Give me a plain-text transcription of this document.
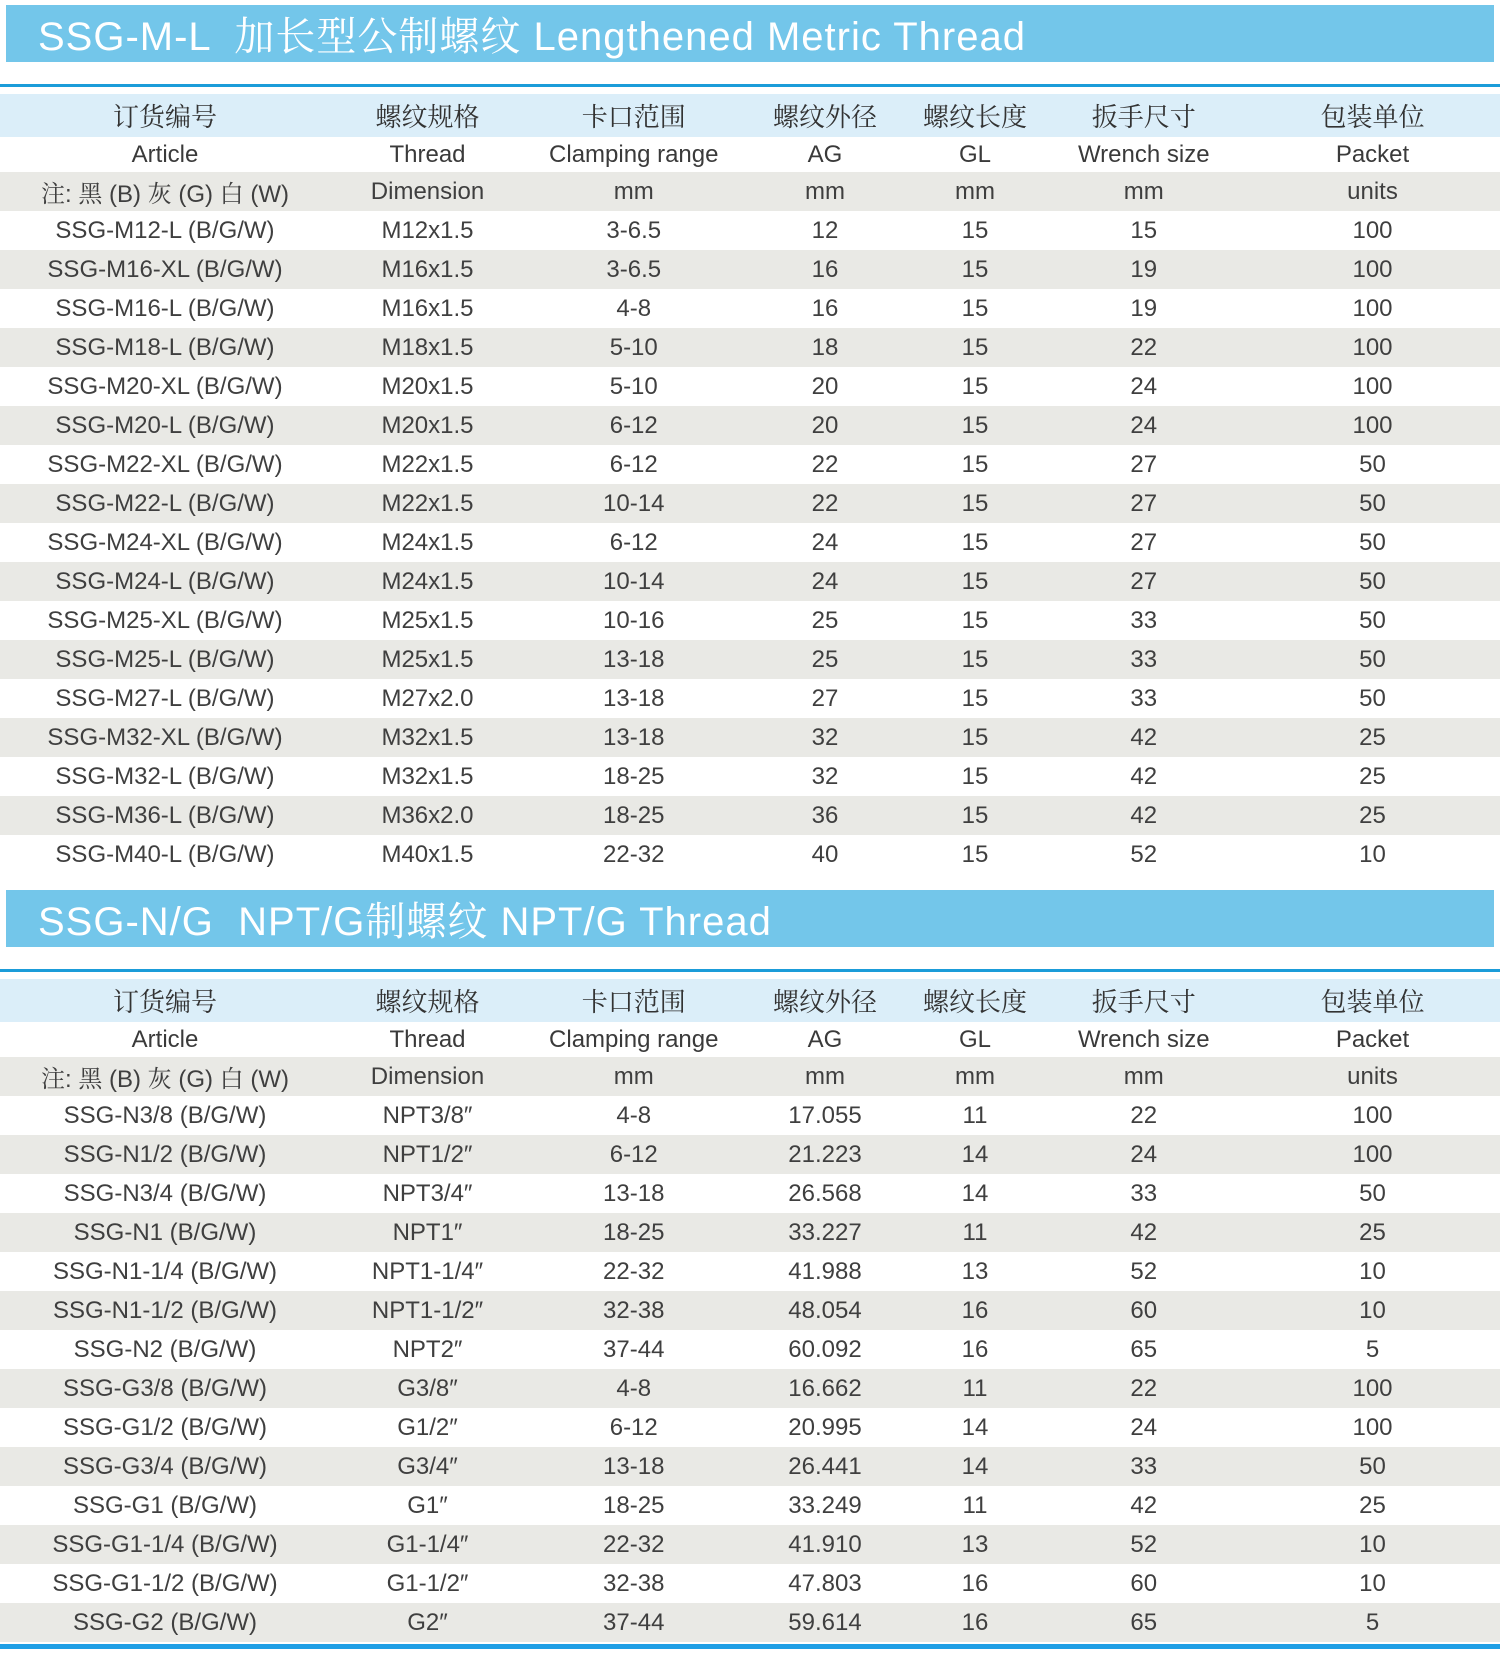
SSG-M-L  加长型公制螺纹 Lengthened Metric Thread
订货编号	螺纹规格	卡口范围	螺纹外径	螺纹长度	扳手尺寸	包装单位
Article	Thread	Clamping range	AG	GL	Wrench size	Packet
注: 黑 (B) 灰 (G) 白 (W)	Dimension	mm	mm	mm	mm	units
SSG-M12-L (B/G/W)	M12x1.5	3-6.5	12	15	15	100
SSG-M16-XL (B/G/W)	M16x1.5	3-6.5	16	15	19	100
SSG-M16-L (B/G/W)	M16x1.5	4-8	16	15	19	100
SSG-M18-L (B/G/W)	M18x1.5	5-10	18	15	22	100
SSG-M20-XL (B/G/W)	M20x1.5	5-10	20	15	24	100
SSG-M20-L (B/G/W)	M20x1.5	6-12	20	15	24	100
SSG-M22-XL (B/G/W)	M22x1.5	6-12	22	15	27	50
SSG-M22-L (B/G/W)	M22x1.5	10-14	22	15	27	50
SSG-M24-XL (B/G/W)	M24x1.5	6-12	24	15	27	50
SSG-M24-L (B/G/W)	M24x1.5	10-14	24	15	27	50
SSG-M25-XL (B/G/W)	M25x1.5	10-16	25	15	33	50
SSG-M25-L (B/G/W)	M25x1.5	13-18	25	15	33	50
SSG-M27-L (B/G/W)	M27x2.0	13-18	27	15	33	50
SSG-M32-XL (B/G/W)	M32x1.5	13-18	32	15	42	25
SSG-M32-L (B/G/W)	M32x1.5	18-25	32	15	42	25
SSG-M36-L (B/G/W)	M36x2.0	18-25	36	15	42	25
SSG-M40-L (B/G/W)	M40x1.5	22-32	40	15	52	10
SSG-N/G  NPT/G制螺纹 NPT/G Thread
订货编号	螺纹规格	卡口范围	螺纹外径	螺纹长度	扳手尺寸	包装单位
Article	Thread	Clamping range	AG	GL	Wrench size	Packet
注: 黑 (B) 灰 (G) 白 (W)	Dimension	mm	mm	mm	mm	units
SSG-N3/8 (B/G/W)	NPT3/8″	4-8	17.055	11	22	100
SSG-N1/2 (B/G/W)	NPT1/2″	6-12	21.223	14	24	100
SSG-N3/4 (B/G/W)	NPT3/4″	13-18	26.568	14	33	50
SSG-N1 (B/G/W)	NPT1″	18-25	33.227	11	42	25
SSG-N1-1/4 (B/G/W)	NPT1-1/4″	22-32	41.988	13	52	10
SSG-N1-1/2 (B/G/W)	NPT1-1/2″	32-38	48.054	16	60	10
SSG-N2 (B/G/W)	NPT2″	37-44	60.092	16	65	5
SSG-G3/8 (B/G/W)	G3/8″	4-8	16.662	11	22	100
SSG-G1/2 (B/G/W)	G1/2″	6-12	20.995	14	24	100
SSG-G3/4 (B/G/W)	G3/4″	13-18	26.441	14	33	50
SSG-G1 (B/G/W)	G1″	18-25	33.249	11	42	25
SSG-G1-1/4 (B/G/W)	G1-1/4″	22-32	41.910	13	52	10
SSG-G1-1/2 (B/G/W)	G1-1/2″	32-38	47.803	16	60	10
SSG-G2 (B/G/W)	G2″	37-44	59.614	16	65	5
